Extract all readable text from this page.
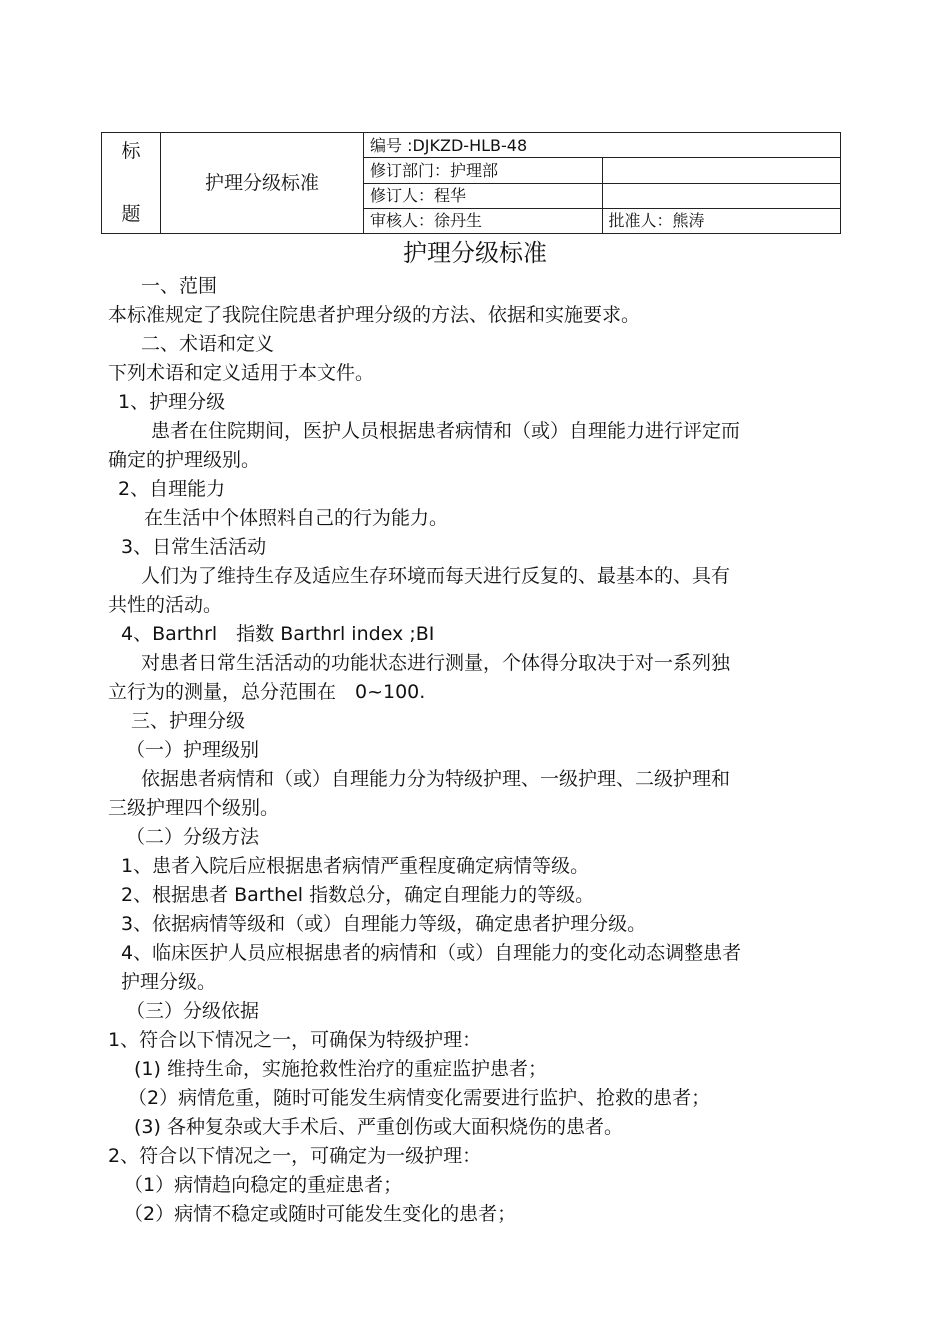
标
题	护理分级标准	编号 :DJKZD-HLB-48	
		修订部门：护理部	
		修订人：程华	
		审核人：徐丹生	批准人：熊涛
护理分级标准

一、范围

本标准规定了我院住院患者护理分级的方法、依据和实施要求。

二、术语和定义

下列术语和定义适用于本文件。

1、护理分级

患者在住院期间，医护人员根据患者病情和（或）自理能力进行评定而

确定的护理级别。

2、自理能力

在生活中个体照料自己的行为能力。

3、日常生活活动

人们为了维持生存及适应生存环境而每天进行反复的、最基本的、具有

共性的活动。

4、Barthrl　指数 Barthrl index ;BI

对患者日常生活活动的功能状态进行测量，个体得分取决于对一系列独

立行为的测量，总分范围在　0~100.

三、护理分级

（一）护理级别

依据患者病情和（或）自理能力分为特级护理、一级护理、二级护理和

三级护理四个级别。

（二）分级方法

1、患者入院后应根据患者病情严重程度确定病情等级。

2、根据患者 Barthel 指数总分，确定自理能力的等级。

3、依据病情等级和（或）自理能力等级，确定患者护理分级。

4、临床医护人员应根据患者的病情和（或）自理能力的变化动态调整患者

护理分级。

（三）分级依据

1、符合以下情况之一，可确保为特级护理：

(1) 维持生命，实施抢救性治疗的重症监护患者；

（2）病情危重，随时可能发生病情变化需要进行监护、抢救的患者；

(3) 各种复杂或大手术后、严重创伤或大面积烧伤的患者。

2、符合以下情况之一，可确定为一级护理：

（1）病情趋向稳定的重症患者；

（2）病情不稳定或随时可能发生变化的患者；
